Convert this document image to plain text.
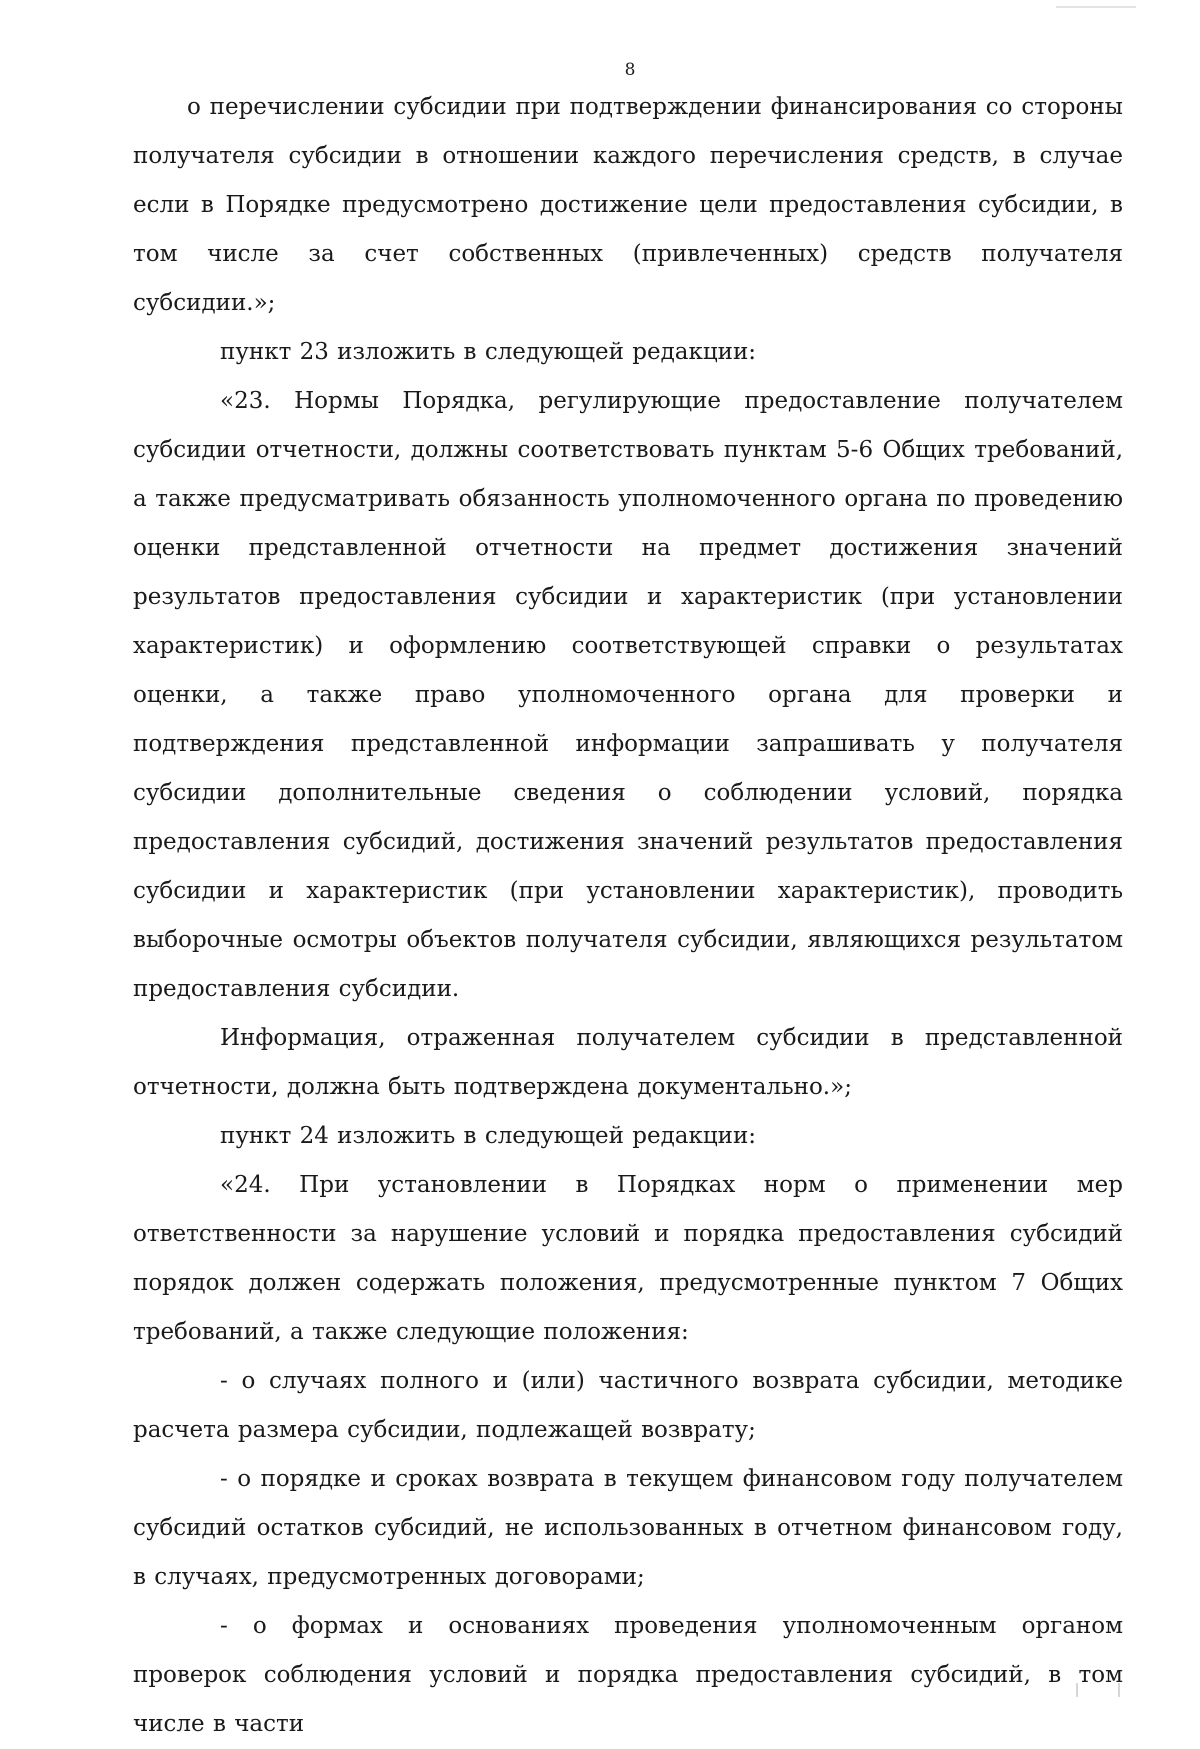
8

о перечислении субсидии при подтверждении финансирования со стороны получателя субсидии в отношении каждого перечисления средств, в случае если в Порядке предусмотрено достижение цели предоставления субсидии, в том числе за счет собственных (привлеченных) средств получателя субсидии.»;

пункт 23 изложить в следующей редакции:

«23. Нормы Порядка, регулирующие предоставление получателем субсидии отчетности, должны соответствовать пунктам 5-6 Общих требований, а также предусматривать обязанность уполномоченного органа по проведению оценки представленной отчетности на предмет достижения значений результатов предоставления субсидии и характеристик (при установлении характеристик) и оформлению соответствующей справки о результатах оценки, а также право уполномоченного органа для проверки и подтверждения представленной информации запрашивать у получателя субсидии дополнительные сведения о соблюдении условий, порядка предоставления субсидий, достижения значений результатов предоставления субсидии и характеристик (при установлении характеристик), проводить выборочные осмотры объектов получателя субсидии, являющихся результатом предоставления субсидии.

Информация, отраженная получателем субсидии в представленной отчетности, должна быть подтверждена документально.»;

пункт 24 изложить в следующей редакции:

«24. При установлении в Порядках норм о применении мер ответственности за нарушение условий и порядка предоставления субсидий порядок должен содержать положения, предусмотренные пунктом 7 Общих требований, а также следующие положения:

- о случаях полного и (или) частичного возврата субсидии, методике расчета размера субсидии, подлежащей возврату;

- о порядке и сроках возврата в текущем финансовом году получателем субсидий остатков субсидий, не использованных в отчетном финансовом году, в случаях, предусмотренных договорами;

- о формах и основаниях проведения уполномоченным органом проверок соблюдения условий и порядка предоставления субсидий, в том числе в части
